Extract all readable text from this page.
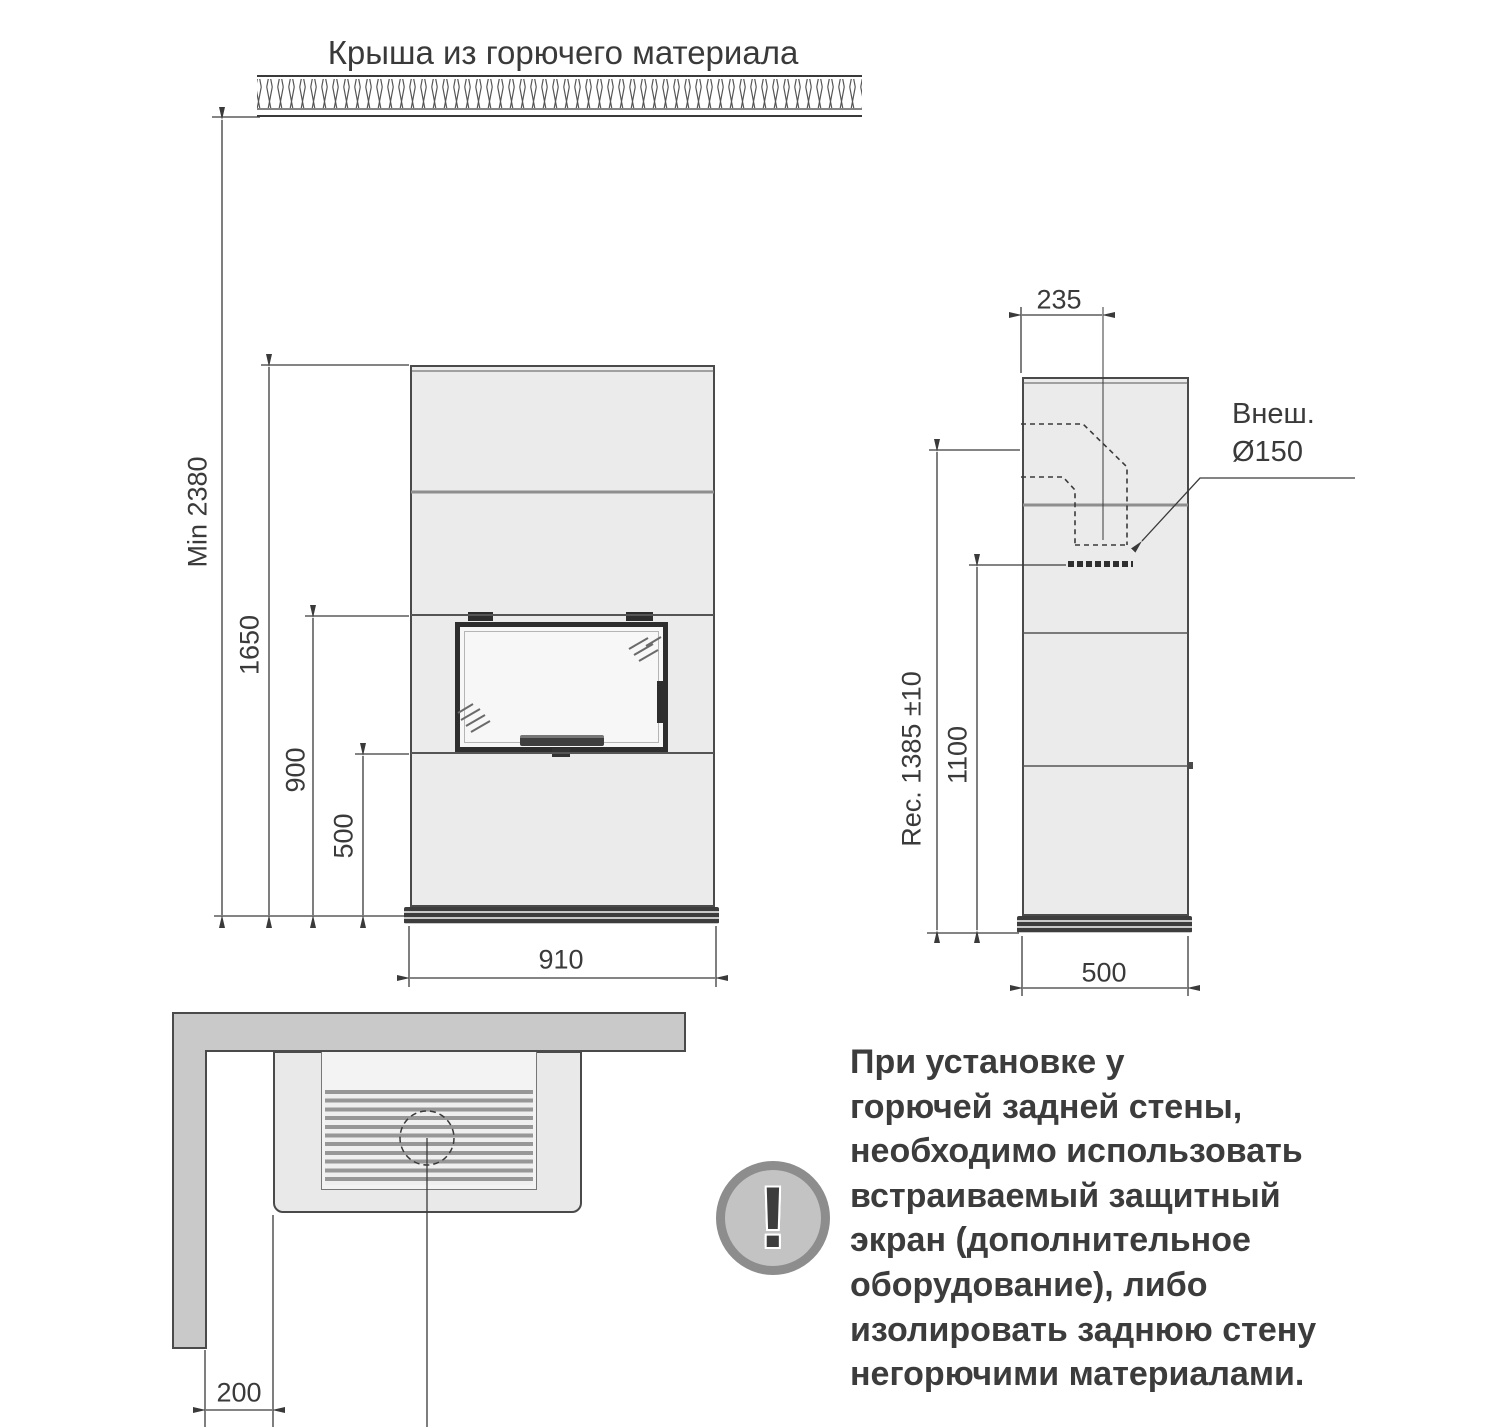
Крыша из горючего материала
Min 2380
1650
900
500
910
235
Rec. 1385 ±10 1100
500
Внеш.
Ø150
200
!
При установке у
горючей задней стены,
необходимо использовать
встраиваемый защитный
экран (дополнительное
оборудование), либо
изолировать заднюю стену
негорючими материалами.
